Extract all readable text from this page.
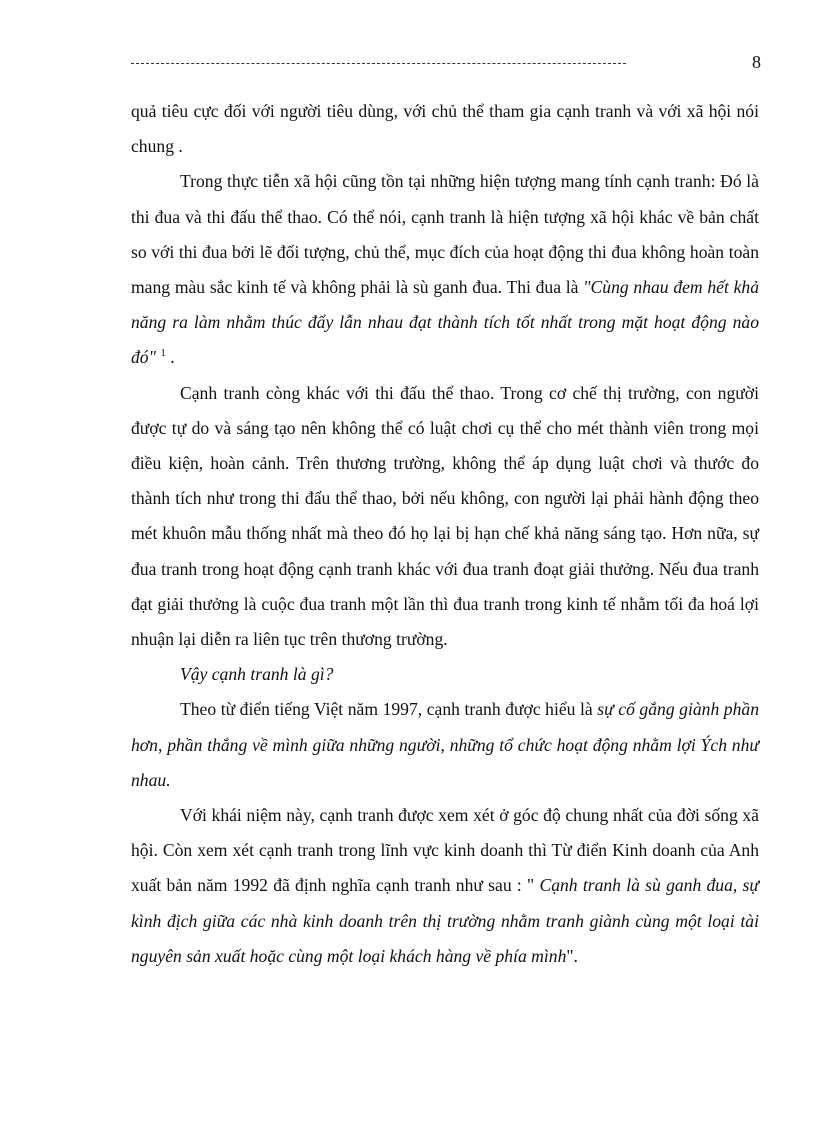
8

quả tiêu cực đối với người tiêu dùng, với chủ thể tham gia cạnh tranh và với xã hội nói chung .

Trong thực tiễn xã hội cũng tồn tại những hiện tượng mang tính cạnh tranh: Đó là thi đua và thi đấu thể thao. Có thể nói, cạnh tranh là hiện tượng xã hội khác về bản chất so với thi đua bởi lẽ đối tượng, chủ thể, mục đích của hoạt động thi đua không hoàn toàn mang màu sắc kinh tế và không phải là sù ganh đua. Thi đua là "Cùng nhau đem hết khả năng ra làm nhằm thúc đẩy lẫn nhau đạt thành tích tốt nhất trong mặt hoạt động nào đó" $^1$ .

Cạnh tranh còng khác với thi đấu thể thao. Trong cơ chế thị trường, con người được tự do và sáng tạo nên không thể có luật chơi cụ thể cho mét thành viên trong mọi điều kiện, hoàn cảnh. Trên thương trường, không thể áp dụng luật chơi và thước đo thành tích như trong thi đấu thể thao, bởi nếu không, con người lại phải hành động theo mét khuôn mẫu thống nhất mà theo đó họ lại bị hạn chế khả năng sáng tạo. Hơn nữa, sự đua tranh trong hoạt động cạnh tranh khác với đua tranh đoạt giải thưởng. Nếu đua tranh đạt giải thưởng là cuộc đua tranh một lần thì đua tranh trong kinh tế nhằm tối đa hoá lợi nhuận lại diễn ra liên tục trên thương trường.

Vậy cạnh tranh là gì?

Theo từ điển tiếng Việt năm 1997, cạnh tranh được hiểu là sự cố gắng giành phần hơn, phần thắng về mình giữa những người, những tổ chức hoạt động nhằm lợi Ých như nhau.

Với khái niệm này, cạnh tranh được xem xét ở góc độ chung nhất của đời sống xã hội. Còn xem xét cạnh tranh trong lĩnh vực kinh doanh thì Từ điển Kinh doanh của Anh xuất bản năm 1992 đã định nghĩa cạnh tranh như sau : " Cạnh tranh là sù ganh đua, sự kình địch giữa các nhà kinh doanh trên thị trường nhằm tranh giành cùng một loại tài nguyên sản xuất hoặc cùng một loại khách hàng về phía mình".
